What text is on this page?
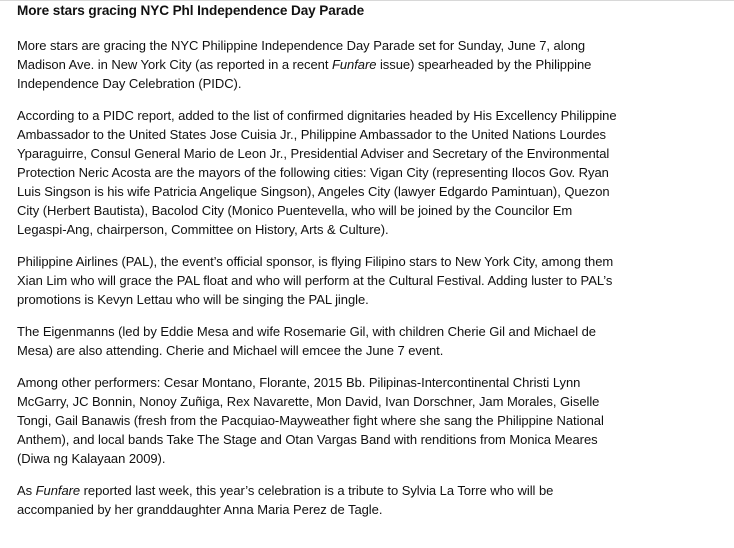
More stars gracing NYC Phl Independence Day Parade

More stars are gracing the NYC Philippine Independence Day Parade set for Sunday, June 7, along
Madison Ave. in New York City (as reported in a recent Funfare issue) spearheaded by the Philippine
Independence Day Celebration (PIDC).

According to a PIDC report, added to the list of confirmed dignitaries headed by His Excellency Philippine
Ambassador to the United States Jose Cuisia Jr., Philippine Ambassador to the United Nations Lourdes
Yparaguirre, Consul General Mario de Leon Jr., Presidential Adviser and Secretary of the Environmental
Protection Neric Acosta are the mayors of the following cities: Vigan City (representing Ilocos Gov. Ryan
Luis Singson is his wife Patricia Angelique Singson), Angeles City (lawyer Edgardo Pamintuan), Quezon
City (Herbert Bautista), Bacolod City (Monico Puentevella, who will be joined by the Councilor Em
Legaspi-Ang, chairperson, Committee on History, Arts & Culture).

Philippine Airlines (PAL), the event’s official sponsor, is flying Filipino stars to New York City, among them
Xian Lim who will grace the PAL float and who will perform at the Cultural Festival. Adding luster to PAL’s
promotions is Kevyn Lettau who will be singing the PAL jingle.

The Eigenmanns (led by Eddie Mesa and wife Rosemarie Gil, with children Cherie Gil and Michael de
Mesa) are also attending. Cherie and Michael will emcee the June 7 event.

Among other performers: Cesar Montano, Florante, 2015 Bb. Pilipinas-Intercontinental Christi Lynn
McGarry, JC Bonnin, Nonoy Zuñiga, Rex Navarette, Mon David, Ivan Dorschner, Jam Morales, Giselle
Tongi, Gail Banawis (fresh from the Pacquiao-Mayweather fight where she sang the Philippine National
Anthem), and local bands Take The Stage and Otan Vargas Band with renditions from Monica Meares
(Diwa ng Kalayaan 2009).

As Funfare reported last week, this year’s celebration is a tribute to Sylvia La Torre who will be
accompanied by her granddaughter Anna Maria Perez de Tagle.
